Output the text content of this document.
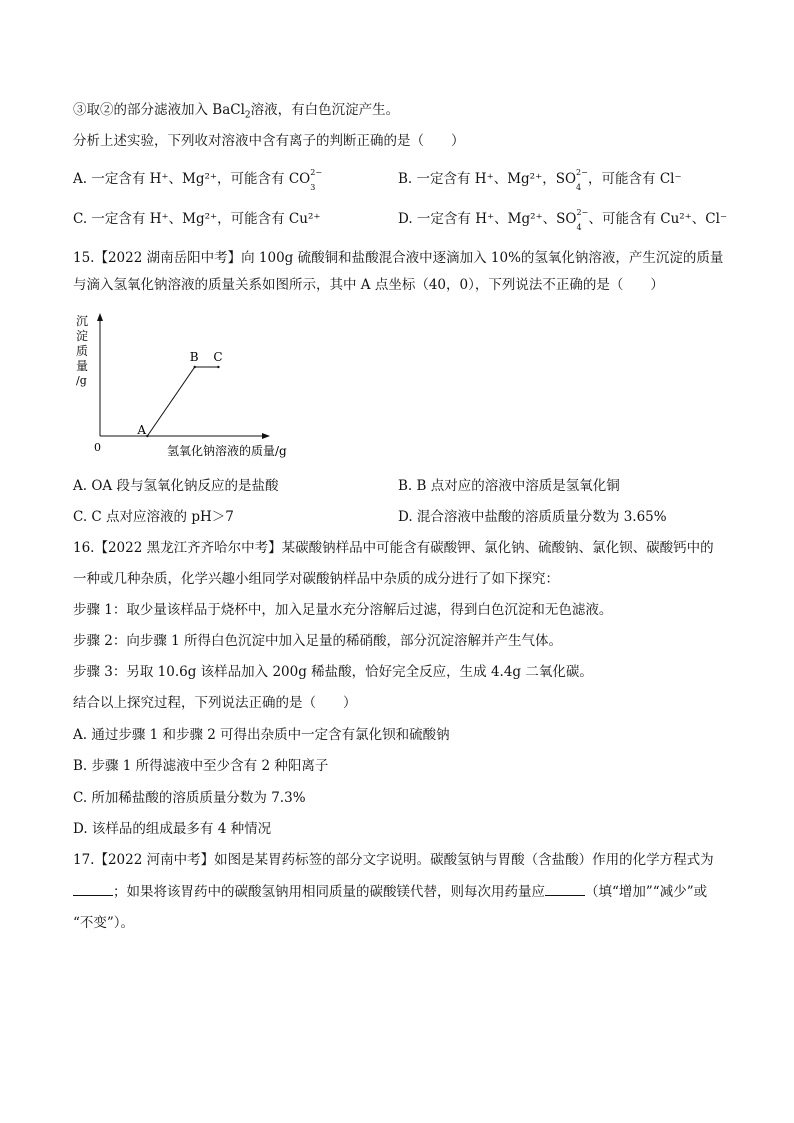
③取②的部分滤液加入 BaCl$_2$溶液，有白色沉淀产生。
分析上述实验，下列收对溶液中含有离子的判断正确的是（　　）
A. 一定含有 H⁺、Mg²⁺，可能含有 CO 2−
3
B. 一定含有 H⁺、Mg²⁺，SO 2−
4
，可能含有 Cl⁻
C. 一定含有 H⁺、Mg²⁺，可能含有 Cu²⁺	D. 一定含有 H⁺、Mg²⁺、SO 2−
4
、可能含有 Cu²⁺、Cl⁻
15.【2022 湖南岳阳中考】向 100g 硫酸铜和盐酸混合液中逐滴加入 10%的氢氧化钠溶液，产生沉淀的质量
与滴入氢氧化钠溶液的质量关系如图所示，其中 A 点坐标（40，0），下列说法不正确的是（　　）
沉
淀
质
量
/g
0	氢氧化钠溶液的质量/g
A
B C
A. OA 段与氢氧化钠反应的是盐酸	B. B 点对应的溶液中溶质是氢氧化铜
C. C 点对应溶液的 pH＞7	D. 混合溶液中盐酸的溶质质量分数为 3.65%
16.【2022 黑龙江齐齐哈尔中考】某碳酸钠样品中可能含有碳酸钾、氯化钠、硫酸钠、氯化钡、碳酸钙中的
一种或几种杂质，化学兴趣小组同学对碳酸钠样品中杂质的成分进行了如下探究：
步骤 1：取少量该样品于烧杯中，加入足量水充分溶解后过滤，得到白色沉淀和无色滤液。
步骤 2：向步骤 1 所得白色沉淀中加入足量的稀硝酸，部分沉淀溶解并产生气体。
步骤 3：另取 10.6g 该样品加入 200g 稀盐酸，恰好完全反应，生成 4.4g 二氧化碳。
结合以上探究过程，下列说法正确的是（　　）
A. 通过步骤 1 和步骤 2 可得出杂质中一定含有氯化钡和硫酸钠
B. 步骤 1 所得滤液中至少含有 2 种阳离子
C. 所加稀盐酸的溶质质量分数为 7.3%
D. 该样品的组成最多有 4 种情况
17.【2022 河南中考】如图是某胃药标签的部分文字说明。碳酸氢钠与胃酸（含盐酸）作用的化学方程式为
；如果将该胃药中的碳酸氢钠用相同质量的碳酸镁代替，则每次用药量应	（填“增加”“减少”或
“不变”）。
